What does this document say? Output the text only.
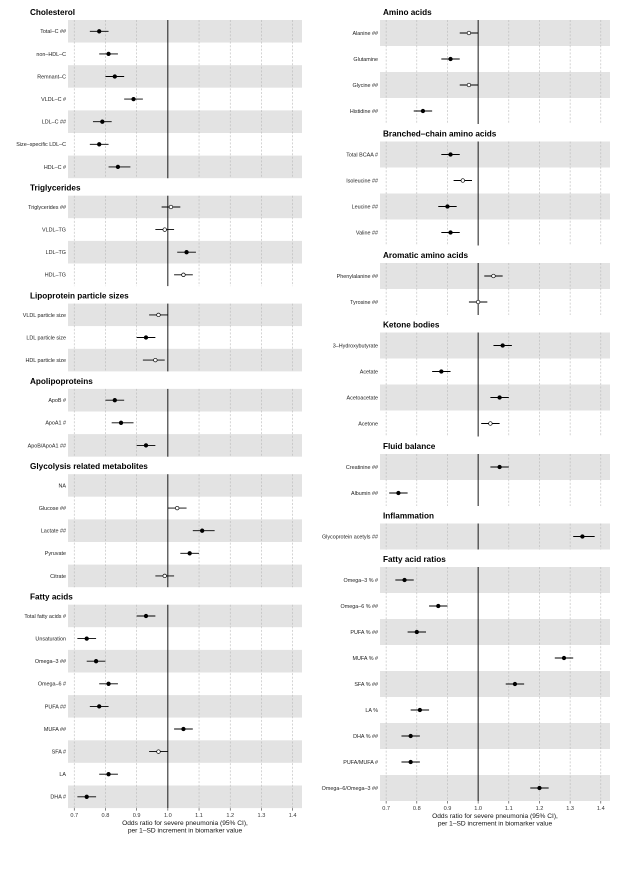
Cholesterol
Total–C ##
non–HDL–C
Remnant–C
VLDL–C #
LDL–C ##
Size–specific LDL–C
HDL–C #
Triglycerides
Triglycerides ##
VLDL–TG
LDL–TG
HDL–TG
Lipoprotein particle sizes
VLDL particle size
LDL particle size
HDL particle size
Apolipoproteins
ApoB #
ApoA1 #
ApoB/ApoA1 ##
Glycolysis related metabolites
NA
Glucose ##
Lactate ##
Pyruvate
Citrate
Fatty acids
Total fatty acids #
Unsaturation
Omega–3 ##
Omega–6 #
PUFA ##
MUFA ##
SFA #
LA
DHA #
0.7	0.8	0.9	1.0	1.1	1.2	1.3	1.4
Odds ratio for severe pneumonia (95% CI),
per 1–SD increment in biomarker value
Amino acids
Alanine ##
Glutamine
Glycine ##
Histidine ##
Branched–chain amino acids
Total BCAA #
Isoleucine ##
Leucine ##
Valine ##
Aromatic amino acids
Phenylalanine ##
Tyrosine ##
Ketone bodies
3–Hydroxybutyrate
Acetate
Acetoacetate
Acetone
Fluid balance
Creatinine ##
Albumin ##
Inflammation
Glycoprotein acetyls ##
Fatty acid ratios
Omega–3 % #
Omega–6 % ##
PUFA % ##
MUFA % #
SFA % ##
LA %
DHA % ##
PUFA/MUFA #
Omega–6/Omega–3 ##
0.7	0.8	0.9	1.0	1.1	1.2	1.3	1.4
Odds ratio for severe pneumonia (95% CI),
per 1–SD increment in biomarker value
